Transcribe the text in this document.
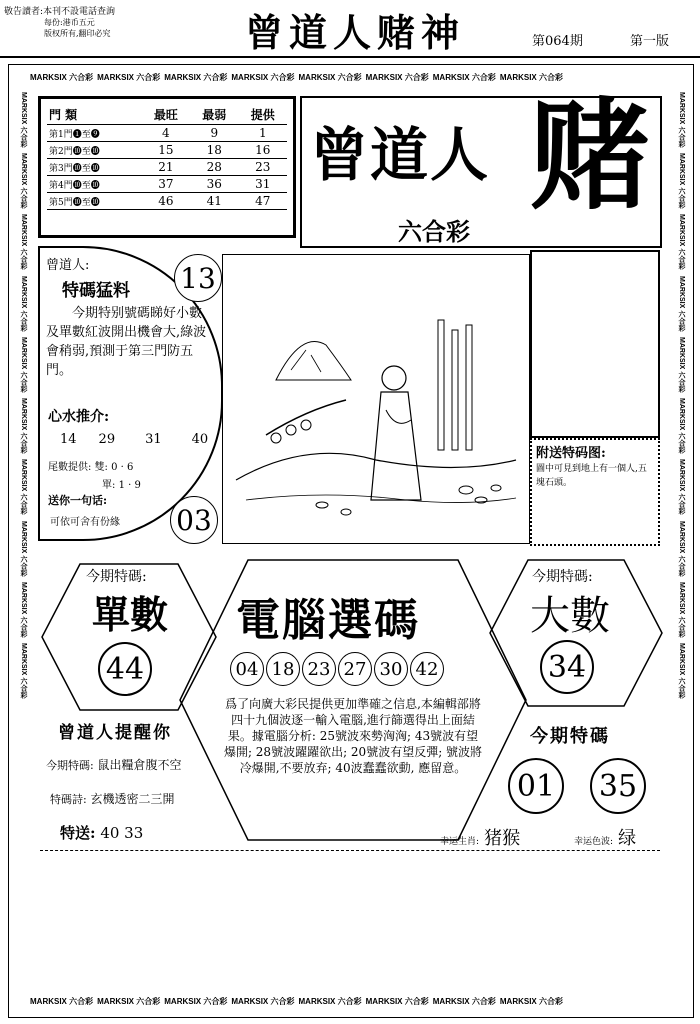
敬告讀者:本刊不設電話查詢
每份:港币五元
版权所有,翻印必究	曾道人赌神	第064期	第一版
MARKSIX 六合彩 MARKSIX 六合彩 MARKSIX 六合彩 MARKSIX 六合彩 MARKSIX 六合彩 MARKSIX 六合彩 MARKSIX 六合彩 MARKSIX 六合彩
MARKSIX 六合彩 MARKSIX 六合彩 MARKSIX 六合彩 MARKSIX 六合彩 MARKSIX 六合彩 MARKSIX 六合彩 MARKSIX 六合彩 MARKSIX 六合彩
MARKSIX 六合彩
MARKSIX 六合彩
MARKSIX 六合彩
MARKSIX 六合彩
MARKSIX 六合彩
MARKSIX 六合彩
MARKSIX 六合彩
MARKSIX 六合彩
MARKSIX 六合彩
MARKSIX 六合彩
MARKSIX 六合彩
MARKSIX 六合彩
MARKSIX 六合彩
MARKSIX 六合彩
MARKSIX 六合彩
MARKSIX 六合彩
MARKSIX 六合彩
MARKSIX 六合彩
MARKSIX 六合彩
MARKSIX 六合彩
門 類	最旺	最弱	提供
第1門❶至❾	4	9	1
第2門❿至❿	15	18	16
第3門❿至❿	21	28	23
第4門❿至❿	37	36	31
第5門❿至❿	46	41	47
曾道人 赌
六合彩
曾道人:
特碼猛料
今期特别號碼睇好小數及單數紅波開出機會大,綠波會稍弱,預測于第三門防五門。
心水推介:
14 29 31 40
尾數提供: 雙: 0 · 6
單: 1 · 9
送你一句话:
可依可舍有份緣
13
03
附送特码图:
圖中可見到地上有一個人,五塊石頭。
今期特碼:
單數
44
電腦選碼
04 18 23 27 30 42
爲了向廣大彩民提供更加準確之信息,本編輯部將四十九個波逐一輸入電腦,進行篩選得出上面結果。據電腦分析: 25號波來勢洶洶; 43號波有望爆開; 28號波躍躍欲出; 20號波有望反彈; 號波將冷爆開,不要放弃; 40波蠢蠢欲動, 應留意。
今期特碼:
大數
34
曾道人提醒你
今期特碼: 鼠出糧倉腹不空
特碼詩: 玄機透密二三開
特送: 40 33
今期特碼
01 35
幸运生肖: 猪猴	幸运色波: 绿
